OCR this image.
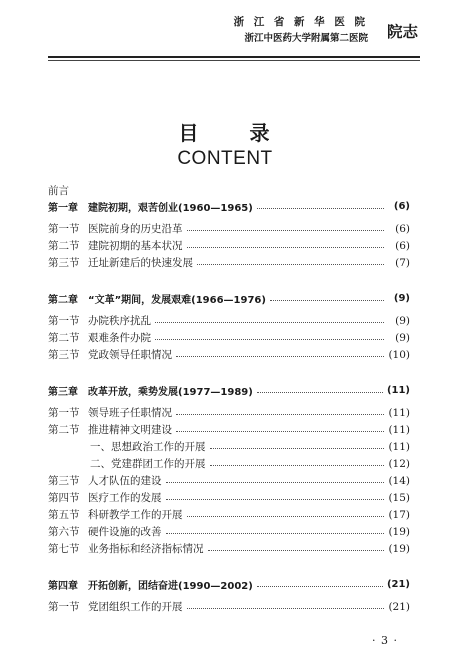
浙 江 省 新 华 医 院
浙江中医药大学附属第二医院 院志
目 录
CONTENT
前言
第一章	建院初期，艰苦创业(1960—1965)	(6)
第一节 医院前身的历史沿革	(6)
第二节 建院初期的基本状况	(6)
第三节 迁址新建后的快速发展	(7)
第二章	“文革”期间，发展艰难(1966—1976)	(9)
第一节 办院秩序扰乱	(9)
第二节 艰难条件办院	(9)
第三节 党政领导任职情况	(10)
第三章	改革开放，乘势发展(1977—1989)	(11)
第一节 领导班子任职情况	(11)
第二节 推进精神文明建设	(11)
一、思想政治工作的开展	(11)
二、党建群团工作的开展	(12)
第三节 人才队伍的建设	(14)
第四节 医疗工作的发展	(15)
第五节 科研教学工作的开展	(17)
第六节 硬件设施的改善	(19)
第七节 业务指标和经济指标情况	(19)
第四章	开拓创新，团结奋进(1990—2002)	(21)
第一节 党团组织工作的开展	(21)
· 3 ·
